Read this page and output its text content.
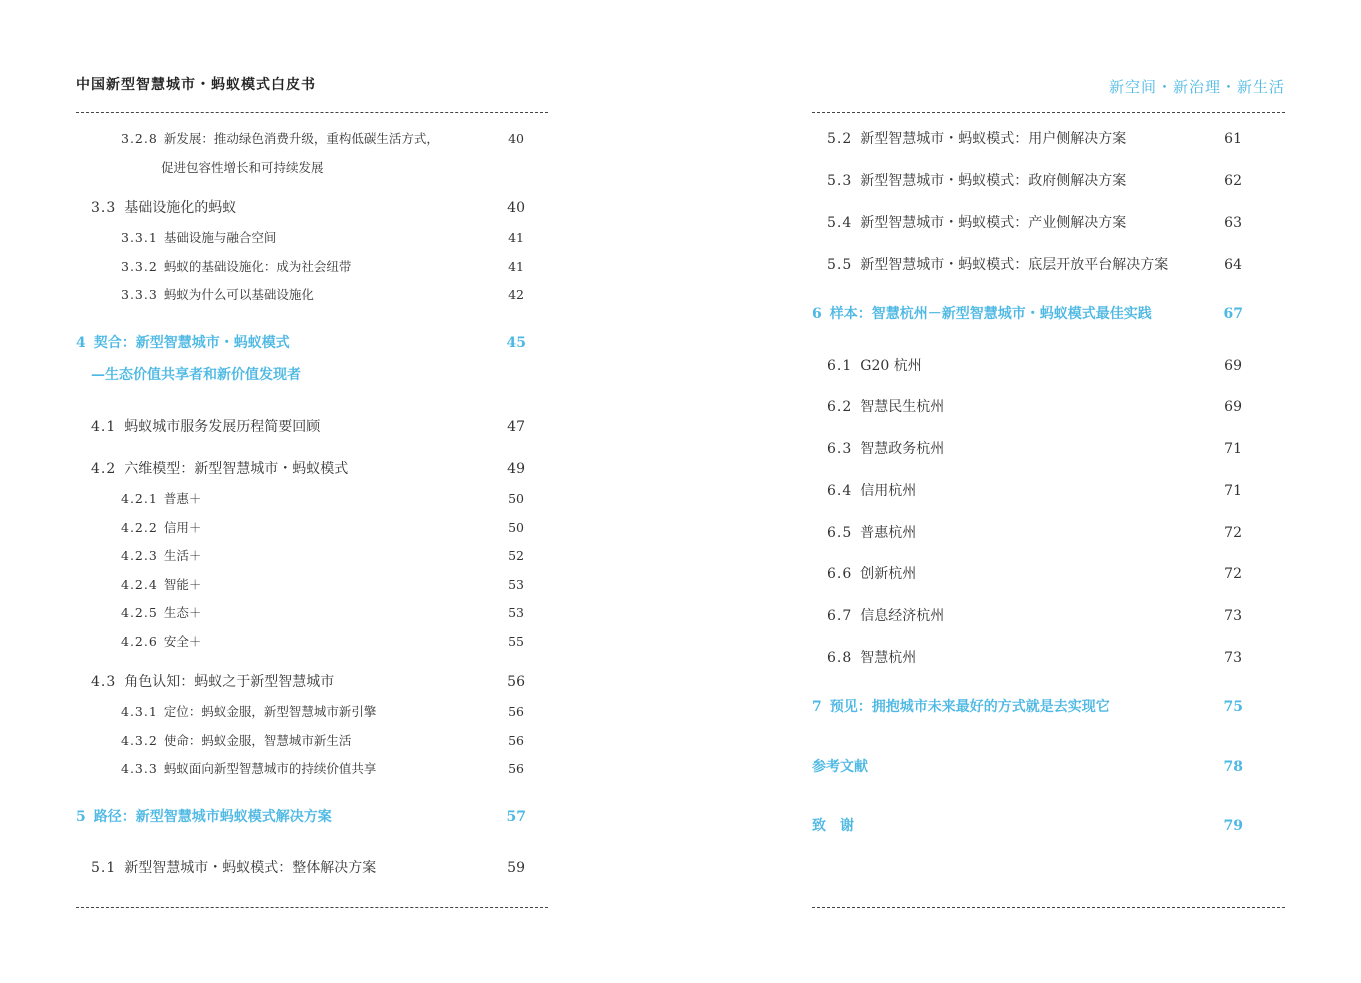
中国新型智慧城市・蚂蚁模式白皮书
3.2.8 新发展：推动绿色消费升级，重构低碳生活方式，	40
促进包容性增长和可持续发展
3.3 基础设施化的蚂蚁	40
3.3.1 基础设施与融合空间	41
3.3.2 蚂蚁的基础设施化：成为社会纽带	41
3.3.3 蚂蚁为什么可以基础设施化	42
4 契合：新型智慧城市・蚂蚁模式	45
—生态价值共享者和新价值发现者
4.1 蚂蚁城市服务发展历程简要回顾	47
4.2 六维模型：新型智慧城市・蚂蚁模式	49
4.2.1 普惠＋	50
4.2.2 信用＋	50
4.2.3 生活＋	52
4.2.4 智能＋	53
4.2.5 生态＋	53
4.2.6 安全＋	55
4.3 角色认知：蚂蚁之于新型智慧城市	56
4.3.1 定位：蚂蚁金服，新型智慧城市新引擎	56
4.3.2 使命：蚂蚁金服，智慧城市新生活	56
4.3.3 蚂蚁面向新型智慧城市的持续价值共享	56
5 路径：新型智慧城市蚂蚁模式解决方案	57
5.1 新型智慧城市・蚂蚁模式：整体解决方案	59
新空间・新治理・新生活
5.2 新型智慧城市・蚂蚁模式：用户侧解决方案	61
5.3 新型智慧城市・蚂蚁模式：政府侧解决方案	62
5.4 新型智慧城市・蚂蚁模式：产业侧解决方案	63
5.5 新型智慧城市・蚂蚁模式：底层开放平台解决方案	64
6 样本：智慧杭州－新型智慧城市・蚂蚁模式最佳实践	67
6.1 G20 杭州	69
6.2 智慧民生杭州	69
6.3 智慧政务杭州	71
6.4 信用杭州	71
6.5 普惠杭州	72
6.6 创新杭州	72
6.7 信息经济杭州	73
6.8 智慧杭州	73
7 预见：拥抱城市未来最好的方式就是去实现它	75
参考文献	78
致　谢	79
